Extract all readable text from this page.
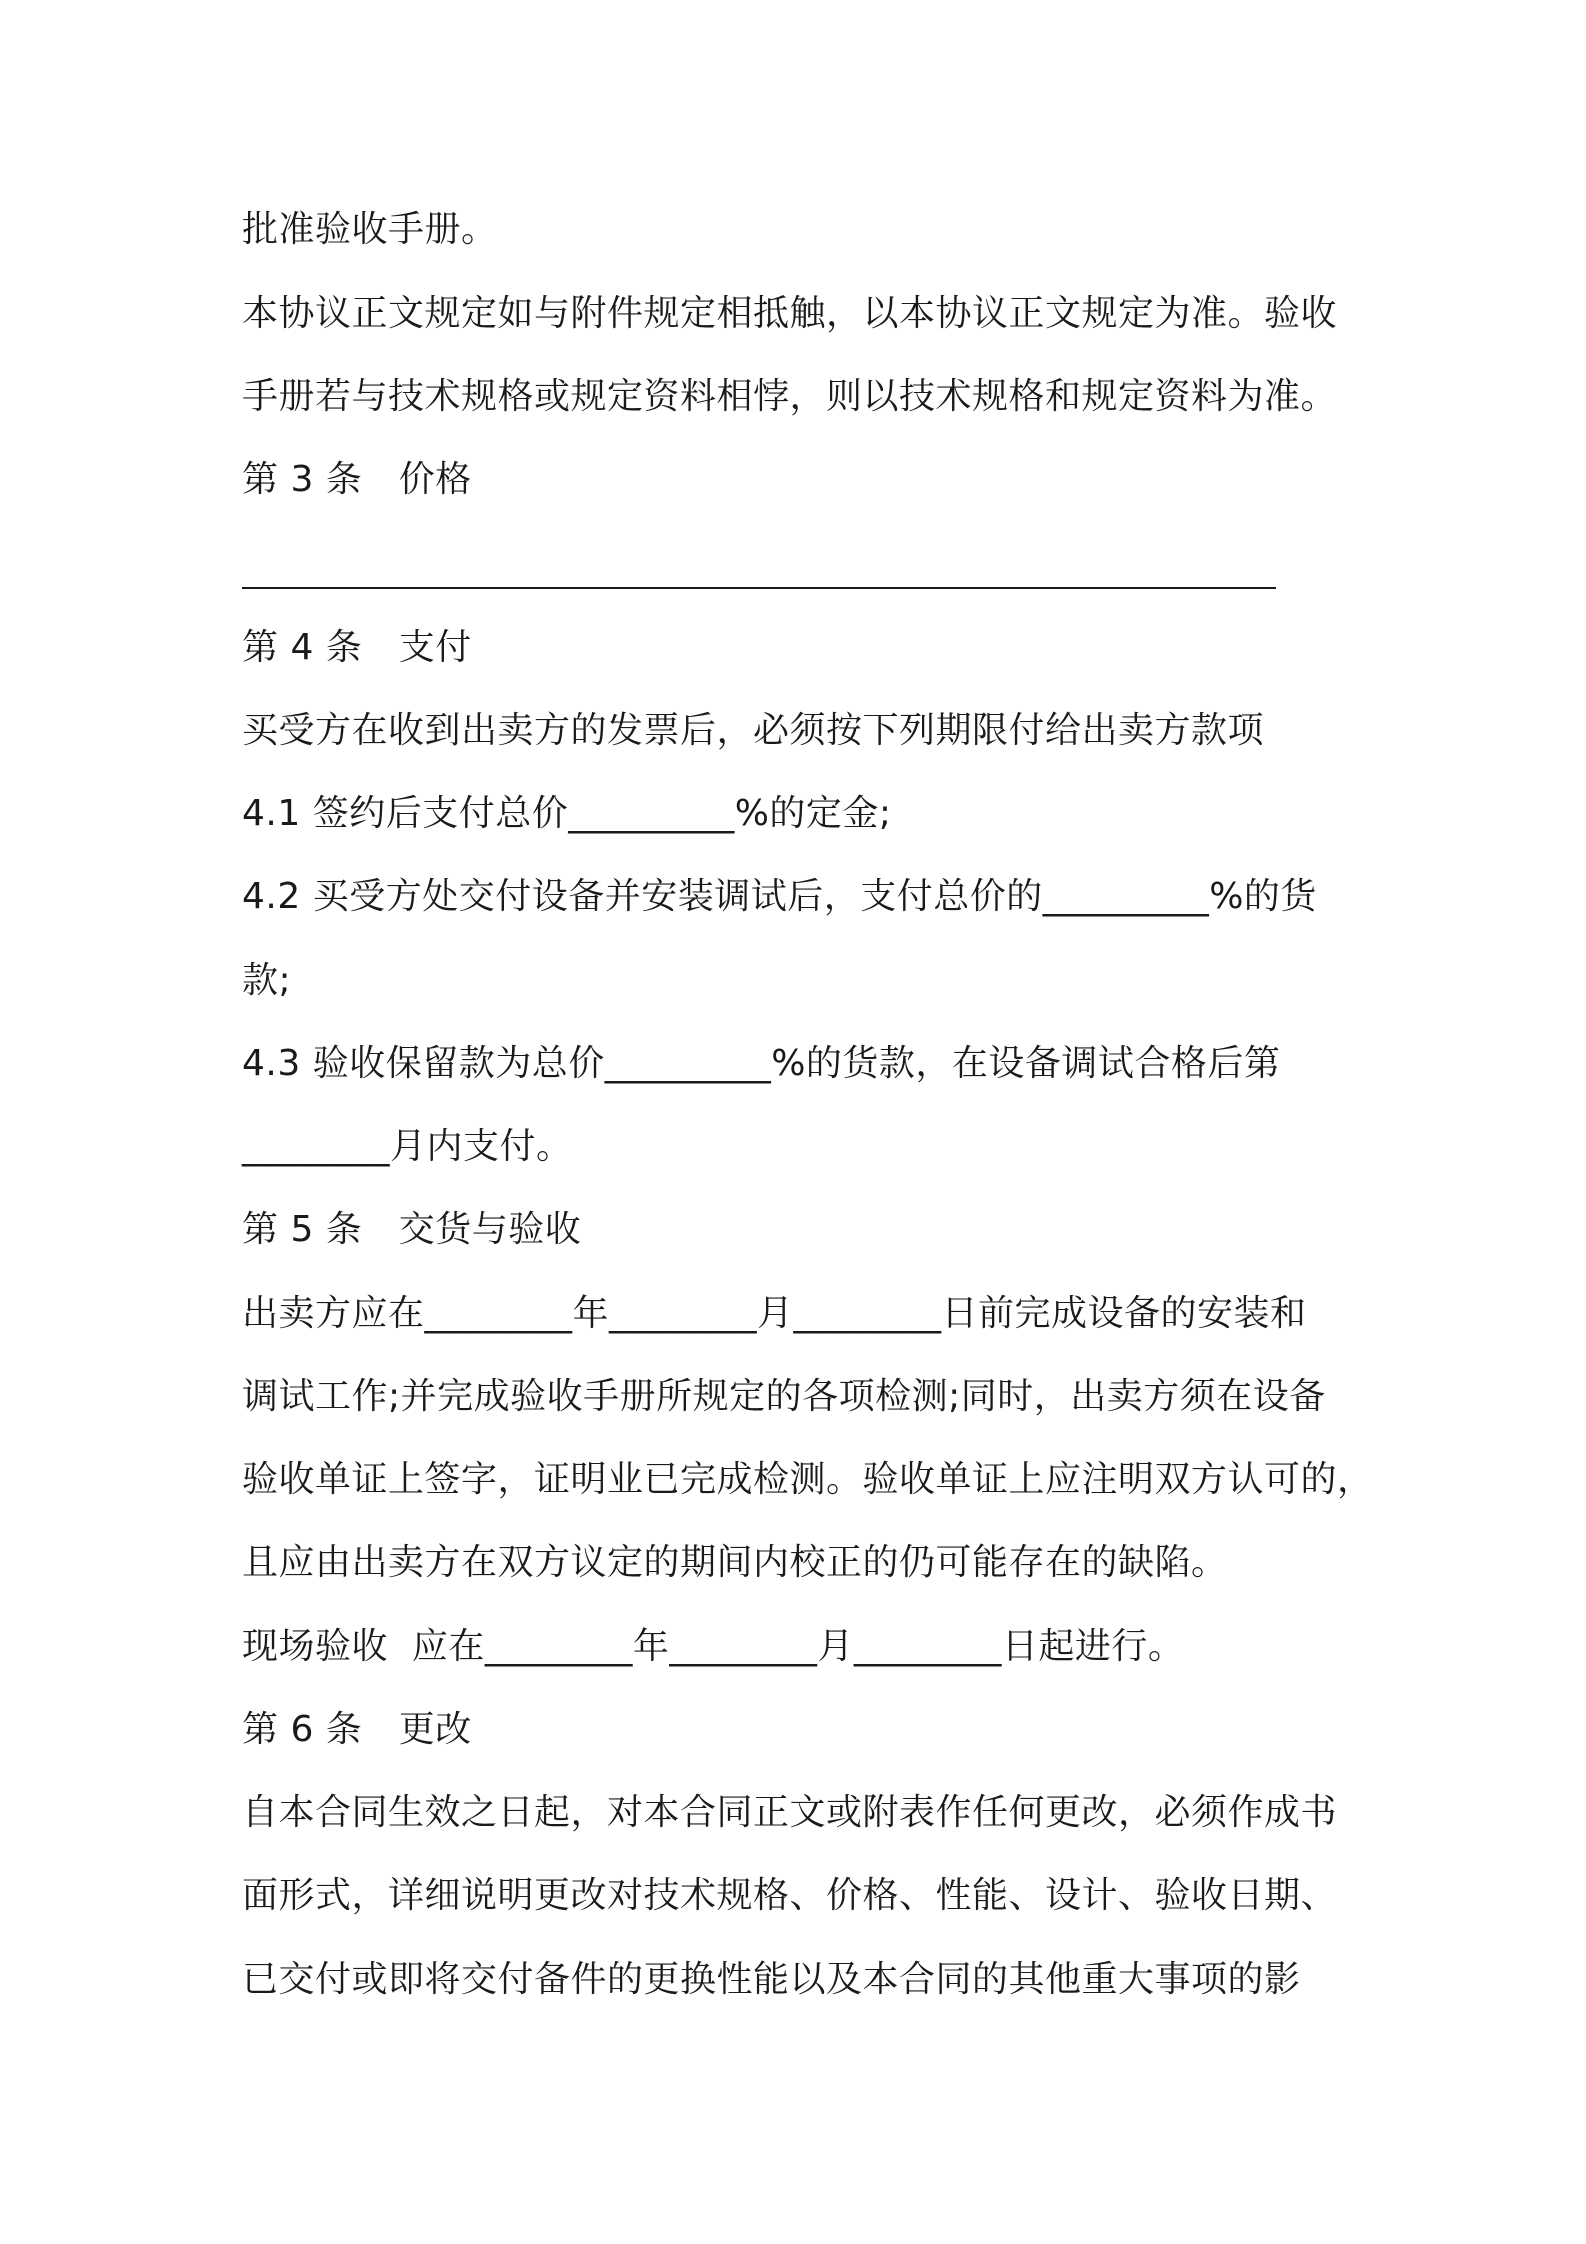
批准验收手册。
本协议正文规定如与附件规定相抵触，以本协议正文规定为准。验收
手册若与技术规格或规定资料相悖，则以技术规格和规定资料为准。
第 3 条　价格
第 4 条　支付
买受方在收到出卖方的发票后，必须按下列期限付给出卖方款项
4.1 签约后支付总价_________%的定金;
4.2 买受方处交付设备并安装调试后，支付总价的_________%的货
款;
4.3 验收保留款为总价_________%的货款，在设备调试合格后第
________月内支付。
第 5 条　交货与验收
出卖方应在________年________月________日前完成设备的安装和
调试工作;并完成验收手册所规定的各项检测;同时，出卖方须在设备
验收单证上签字，证明业已完成检测。验收单证上应注明双方认可的，
且应由出卖方在双方议定的期间内校正的仍可能存在的缺陷。
现场验收  应在________年________月________日起进行。
第 6 条　更改
自本合同生效之日起，对本合同正文或附表作任何更改，必须作成书
面形式，详细说明更改对技术规格、价格、性能、设计、验收日期、
已交付或即将交付备件的更换性能以及本合同的其他重大事项的影
